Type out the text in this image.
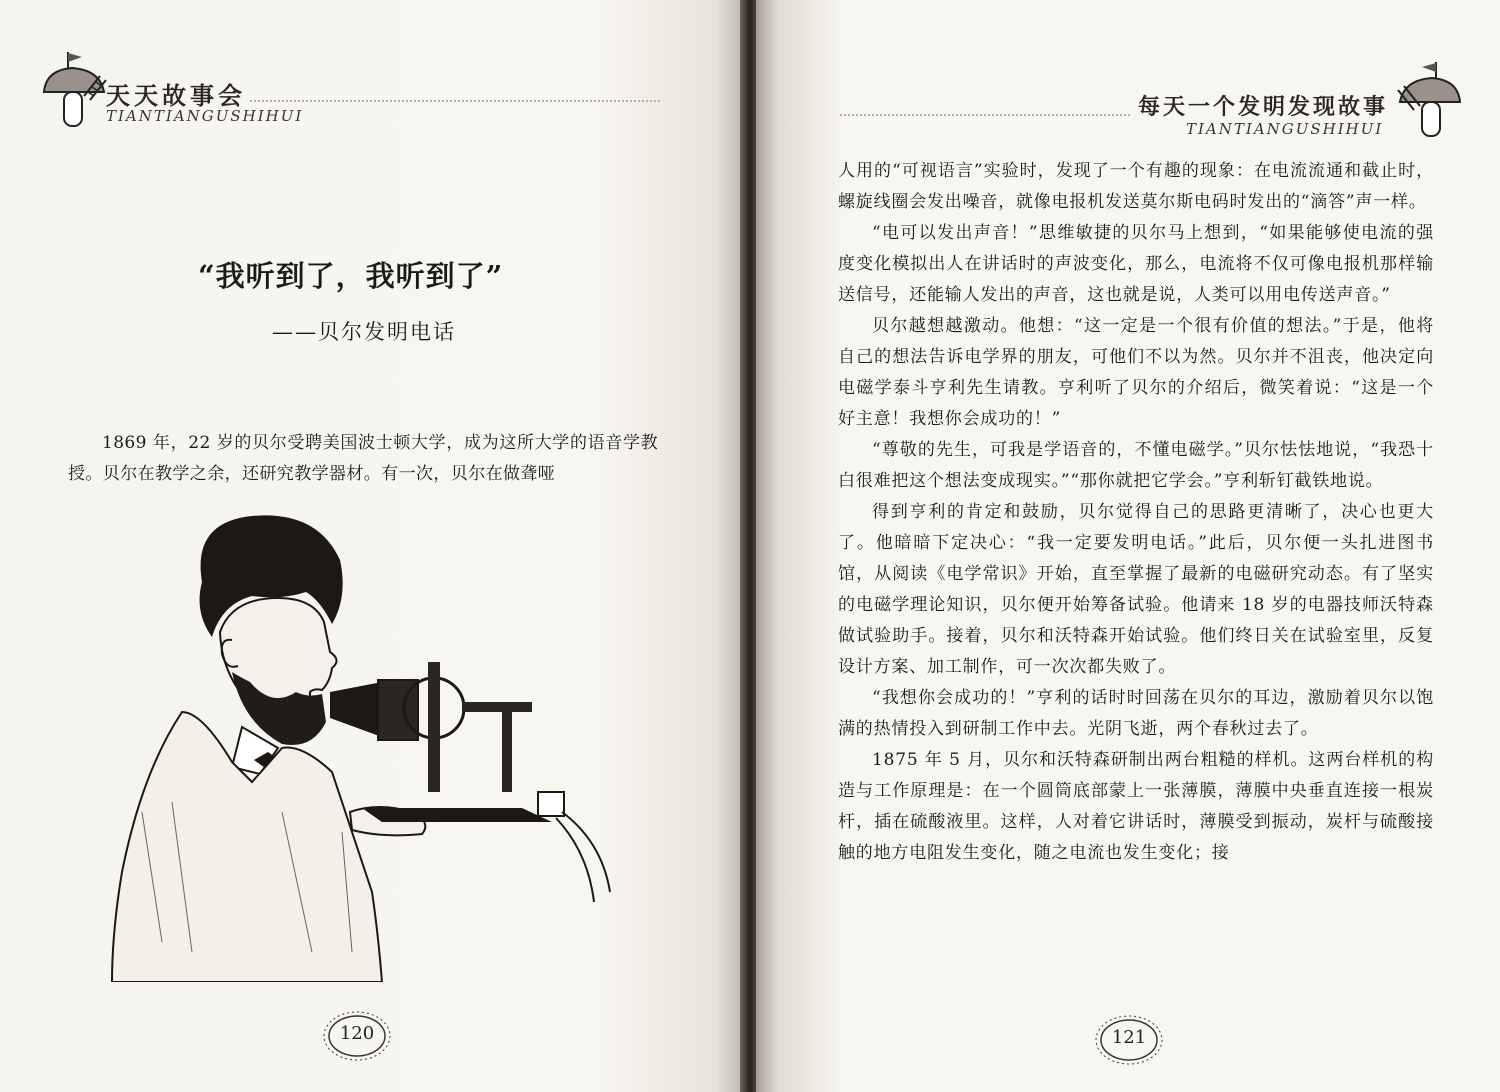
天天故事会
TIANTIANGUSHIHUI
“我听到了，我听到了”
——贝尔发明电话
1869 年，22 岁的贝尔受聘美国波士顿大学，成为这所大学的语音学教授。贝尔在教学之余，还研究教学器材。有一次，贝尔在做聋哑
120
每天一个发明发现故事
TIANTIANGUSHIHUI

人用的“可视语言”实验时，发现了一个有趣的现象：在电流流通和截止时，螺旋线圈会发出噪音，就像电报机发送莫尔斯电码时发出的“滴答”声一样。

“电可以发出声音！”思维敏捷的贝尔马上想到，“如果能够使电流的强度变化模拟出人在讲话时的声波变化，那么，电流将不仅可像电报机那样输送信号，还能输人发出的声音，这也就是说，人类可以用电传送声音。”

贝尔越想越激动。他想：“这一定是一个很有价值的想法。”于是，他将自己的想法告诉电学界的朋友，可他们不以为然。贝尔并不沮丧，他决定向电磁学泰斗亨利先生请教。亨利听了贝尔的介绍后，微笑着说：“这是一个好主意！我想你会成功的！”

“尊敬的先生，可我是学语音的，不懂电磁学。”贝尔怯怯地说，“我恐十白很难把这个想法变成现实。”“那你就把它学会。”亨利斩钉截铁地说。

得到亨利的肯定和鼓励，贝尔觉得自己的思路更清晰了，决心也更大了。他暗暗下定决心：“我一定要发明电话。”此后，贝尔便一头扎进图书馆，从阅读《电学常识》开始，直至掌握了最新的电磁研究动态。有了坚实的电磁学理论知识，贝尔便开始筹备试验。他请来 18 岁的电器技师沃特森做试验助手。接着，贝尔和沃特森开始试验。他们终日关在试验室里，反复设计方案、加工制作，可一次次都失败了。

“我想你会成功的！”亨利的话时时回荡在贝尔的耳边，激励着贝尔以饱满的热情投入到研制工作中去。光阴飞逝，两个春秋过去了。

1875 年 5 月，贝尔和沃特森研制出两台粗糙的样机。这两台样机的构造与工作原理是：在一个圆筒底部蒙上一张薄膜，薄膜中央垂直连接一根炭杆，插在硫酸液里。这样，人对着它讲话时，薄膜受到振动，炭杆与硫酸接触的地方电阻发生变化，随之电流也发生变化；接

121
